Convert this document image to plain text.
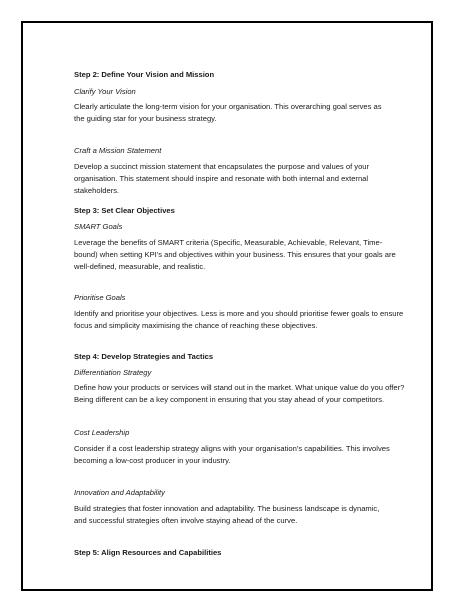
Step 2: Define Your Vision and Mission
Clarify Your Vision
Clearly articulate the long-term vision for your organisation. This overarching goal serves as the guiding star for your business strategy.
Craft a Mission Statement
Develop a succinct mission statement that encapsulates the purpose and values of your organisation. This statement should inspire and resonate with both internal and external stakeholders.
Step 3: Set Clear Objectives
SMART Goals
Leverage the benefits of SMART criteria (Specific, Measurable, Achievable, Relevant, Time-bound) when setting KPI's and objectives within your business. This ensures that your goals are well-defined, measurable, and realistic.
Prioritise Goals
Identify and prioritise your objectives. Less is more and you should prioritise fewer goals to ensure focus and simplicity maximising the chance of reaching these objectives.
Step 4: Develop Strategies and Tactics
Differentiation Strategy
Define how your products or services will stand out in the market. What unique value do you offer? Being different can be a key component in ensuring that you stay ahead of your competitors.
Cost Leadership
Consider if a cost leadership strategy aligns with your organisation's capabilities. This involves becoming a low-cost producer in your industry.
Innovation and Adaptability
Build strategies that foster innovation and adaptability. The business landscape is dynamic, and successful strategies often involve staying ahead of the curve.
Step 5: Align Resources and Capabilities
